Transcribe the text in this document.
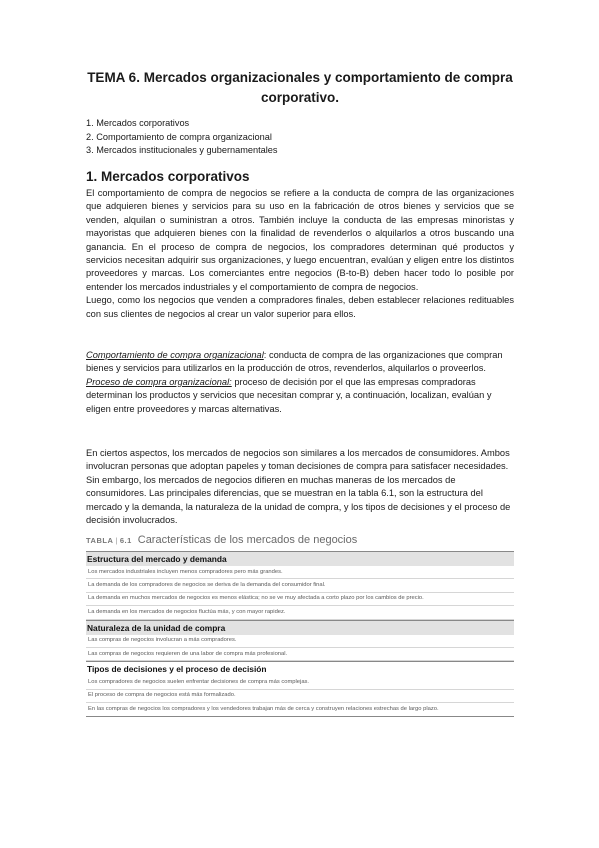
TEMA 6. Mercados organizacionales y comportamiento de compra corporativo.
1. Mercados corporativos
2. Comportamiento de compra organizacional
3. Mercados institucionales y gubernamentales
1. Mercados corporativos
El comportamiento de compra de negocios se refiere a la conducta de compra de las organizaciones que adquieren bienes y servicios para su uso en la fabricación de otros bienes y servicios que se venden, alquilan o suministran a otros. También incluye la conducta de las empresas minoristas y mayoristas que adquieren bienes con la finalidad de revenderlos o alquilarlos a otros buscando una ganancia. En el proceso de compra de negocios, los compradores determinan qué productos y servicios necesitan adquirir sus organizaciones, y luego encuentran, evalúan y eligen entre los distintos proveedores y marcas. Los comerciantes entre negocios (B-to-B) deben hacer todo lo posible por entender los mercados industriales y el comportamiento de compra de negocios.
Luego, como los negocios que venden a compradores finales, deben establecer relaciones redituables con sus clientes de negocios al crear un valor superior para ellos.
Comportamiento de compra organizacional: conducta de compra de las organizaciones que compran bienes y servicios para utilizarlos en la producción de otros, revenderlos, alquilarlos o proveerlos.
Proceso de compra organizacional: proceso de decisión por el que las empresas compradoras determinan los productos y servicios que necesitan comprar y, a continuación, localizan, evalúan y eligen entre proveedores y marcas alternativas.
En ciertos aspectos, los mercados de negocios son similares a los mercados de consumidores. Ambos involucran personas que adoptan papeles y toman decisiones de compra para satisfacer necesidades. Sin embargo, los mercados de negocios difieren en muchas maneras de los mercados de consumidores. Las principales diferencias, que se muestran en la tabla 6.1, son la estructura del mercado y la demanda, la naturaleza de la unidad de compra, y los tipos de decisiones y el proceso de decisión involucrados.
TABLA | 6.1 Características de los mercados de negocios
Estructura del mercado y demanda
Los mercados industriales incluyen menos compradores pero más grandes.
La demanda de los compradores de negocios se deriva de la demanda del consumidor final.
La demanda en muchos mercados de negocios es menos elástica; no se ve muy afectada a corto plazo por los cambios de precio.
La demanda en los mercados de negocios fluctúa más, y con mayor rapidez.
Naturaleza de la unidad de compra
Las compras de negocios involucran a más compradores.
Las compras de negocios requieren de una labor de compra más profesional.
Tipos de decisiones y el proceso de decisión
Los compradores de negocios suelen enfrentar decisiones de compra más complejas.
El proceso de compra de negocios está más formalizado.
En las compras de negocios los compradores y los vendedores trabajan más de cerca y construyen relaciones estrechas de largo plazo.
